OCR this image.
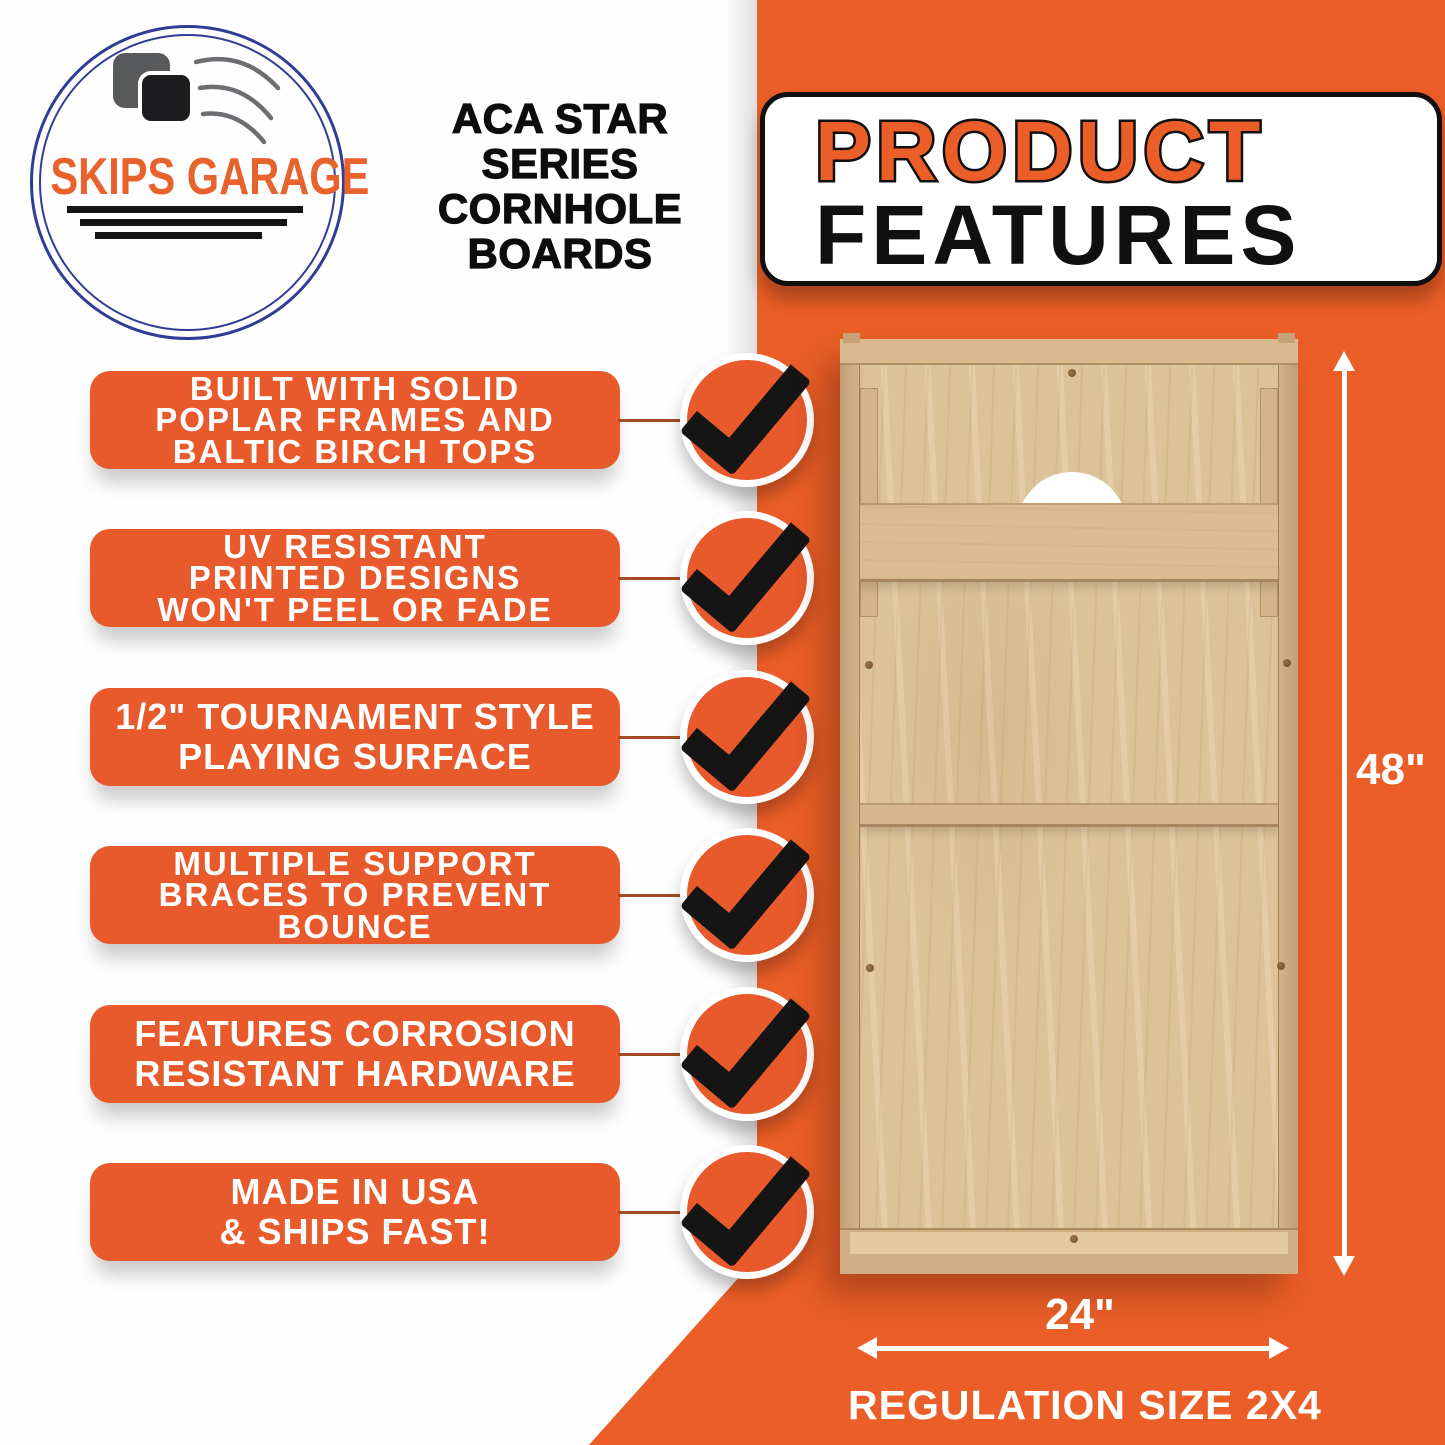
SKIPS GARAGE
ACA STAR
SERIES
CORNHOLE
BOARDS
PRODUCT
FEATURES
BUILT WITH SOLID
POPLAR FRAMES AND
BALTIC BIRCH TOPS
UV RESISTANT
PRINTED DESIGNS
WON'T PEEL OR FADE
1/2" TOURNAMENT STYLE
PLAYING SURFACE
MULTIPLE SUPPORT
BRACES TO PREVENT
BOUNCE
FEATURES CORROSION
RESISTANT HARDWARE
MADE IN USA
& SHIPS FAST!
48"
24"
REGULATION SIZE 2X4
